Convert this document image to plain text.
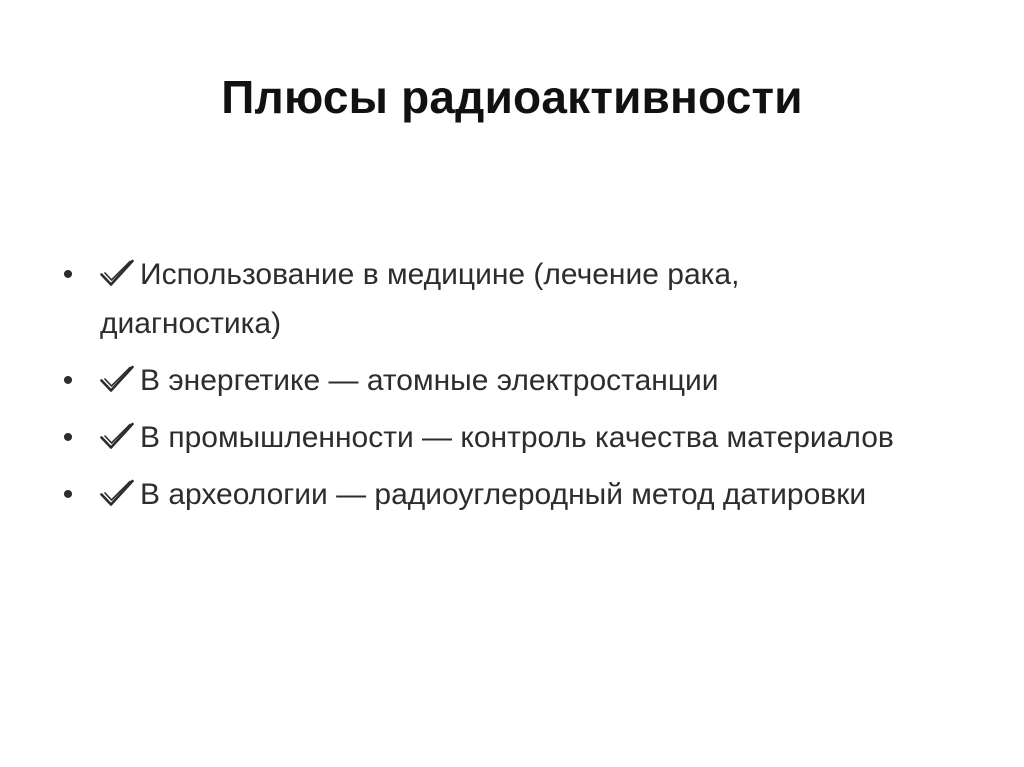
Плюсы радиоактивности
• Использование в медицине (лечение рака, диагностика)
• В энергетике — атомные электростанции
• В промышленности — контроль качества материалов
• В археологии — радиоуглеродный метод датировки
